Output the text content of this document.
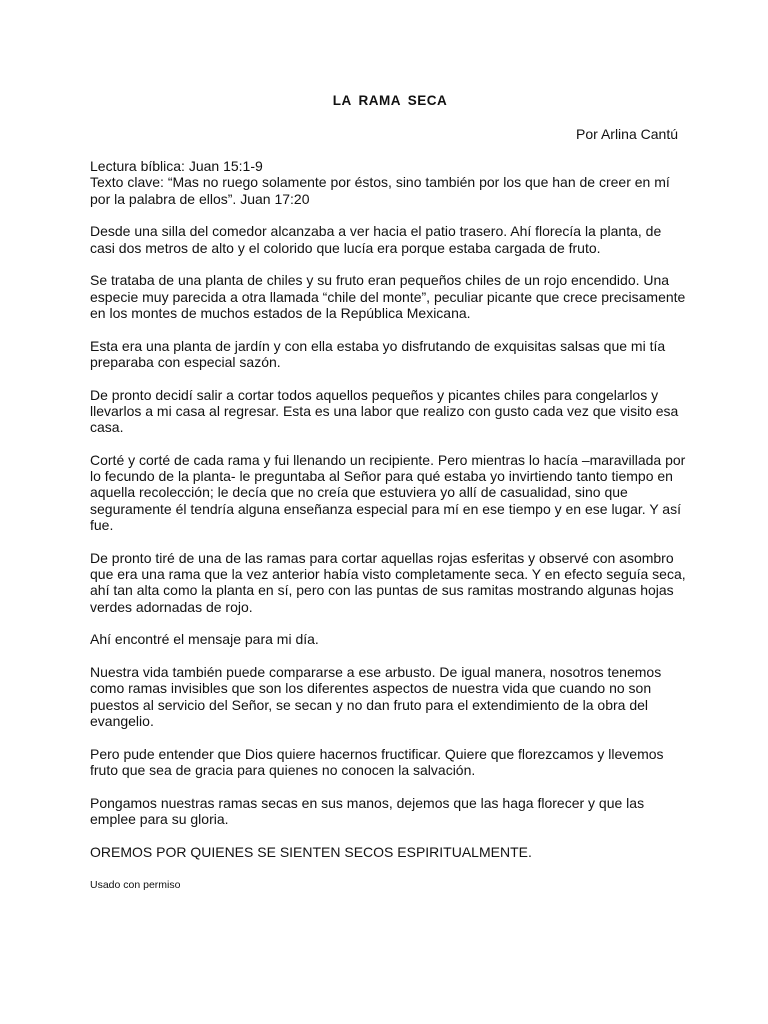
LA RAMA SECA

Por Arlina Cantú

Lectura bíblica: Juan 15:1-9

Texto clave: “Mas no ruego solamente por éstos, sino también por los que han de creer en mí por la palabra de ellos”. Juan 17:20

Desde una silla del comedor alcanzaba a ver hacia el patio trasero. Ahí florecía la planta, de casi dos metros de alto y el colorido que lucía era porque estaba cargada de fruto.

Se trataba de una planta de chiles y su fruto eran pequeños chiles de un rojo encendido. Una especie muy parecida a otra llamada “chile del monte”, peculiar picante que crece precisamente en los montes de muchos estados de la República Mexicana.

Esta era una planta de jardín y con ella estaba yo disfrutando de exquisitas salsas que mi tía preparaba con especial sazón.

De pronto decidí salir a cortar todos aquellos pequeños y picantes chiles para congelarlos y llevarlos a mi casa al regresar. Esta es una labor que realizo con gusto cada vez que visito esa casa.

Corté y corté de cada rama y fui llenando un recipiente. Pero mientras lo hacía –maravillada por lo fecundo de la planta- le preguntaba al Señor para qué estaba yo invirtiendo tanto tiempo en aquella recolección; le decía que no creía que estuviera yo allí de casualidad, sino que seguramente él tendría alguna enseñanza especial para mí en ese tiempo y en ese lugar. Y así fue.

De pronto tiré de una de las ramas para cortar aquellas rojas esferitas y observé con asombro que era una rama que la vez anterior había visto completamente seca. Y en efecto seguía seca, ahí tan alta como la planta en sí, pero con las puntas de sus ramitas mostrando algunas hojas verdes adornadas de rojo.

Ahí encontré el mensaje para mi día.

Nuestra vida también puede compararse a ese arbusto. De igual manera, nosotros tenemos como ramas invisibles que son los diferentes aspectos de nuestra vida que cuando no son puestos al servicio del Señor, se secan y no dan fruto para el extendimiento de la obra del evangelio.

Pero pude entender que Dios quiere hacernos fructificar. Quiere que florezcamos y llevemos fruto que sea de gracia para quienes no conocen la salvación.

Pongamos nuestras ramas secas en sus manos, dejemos que las haga florecer y que las emplee para su gloria.

OREMOS POR QUIENES SE SIENTEN SECOS ESPIRITUALMENTE.

Usado con permiso
